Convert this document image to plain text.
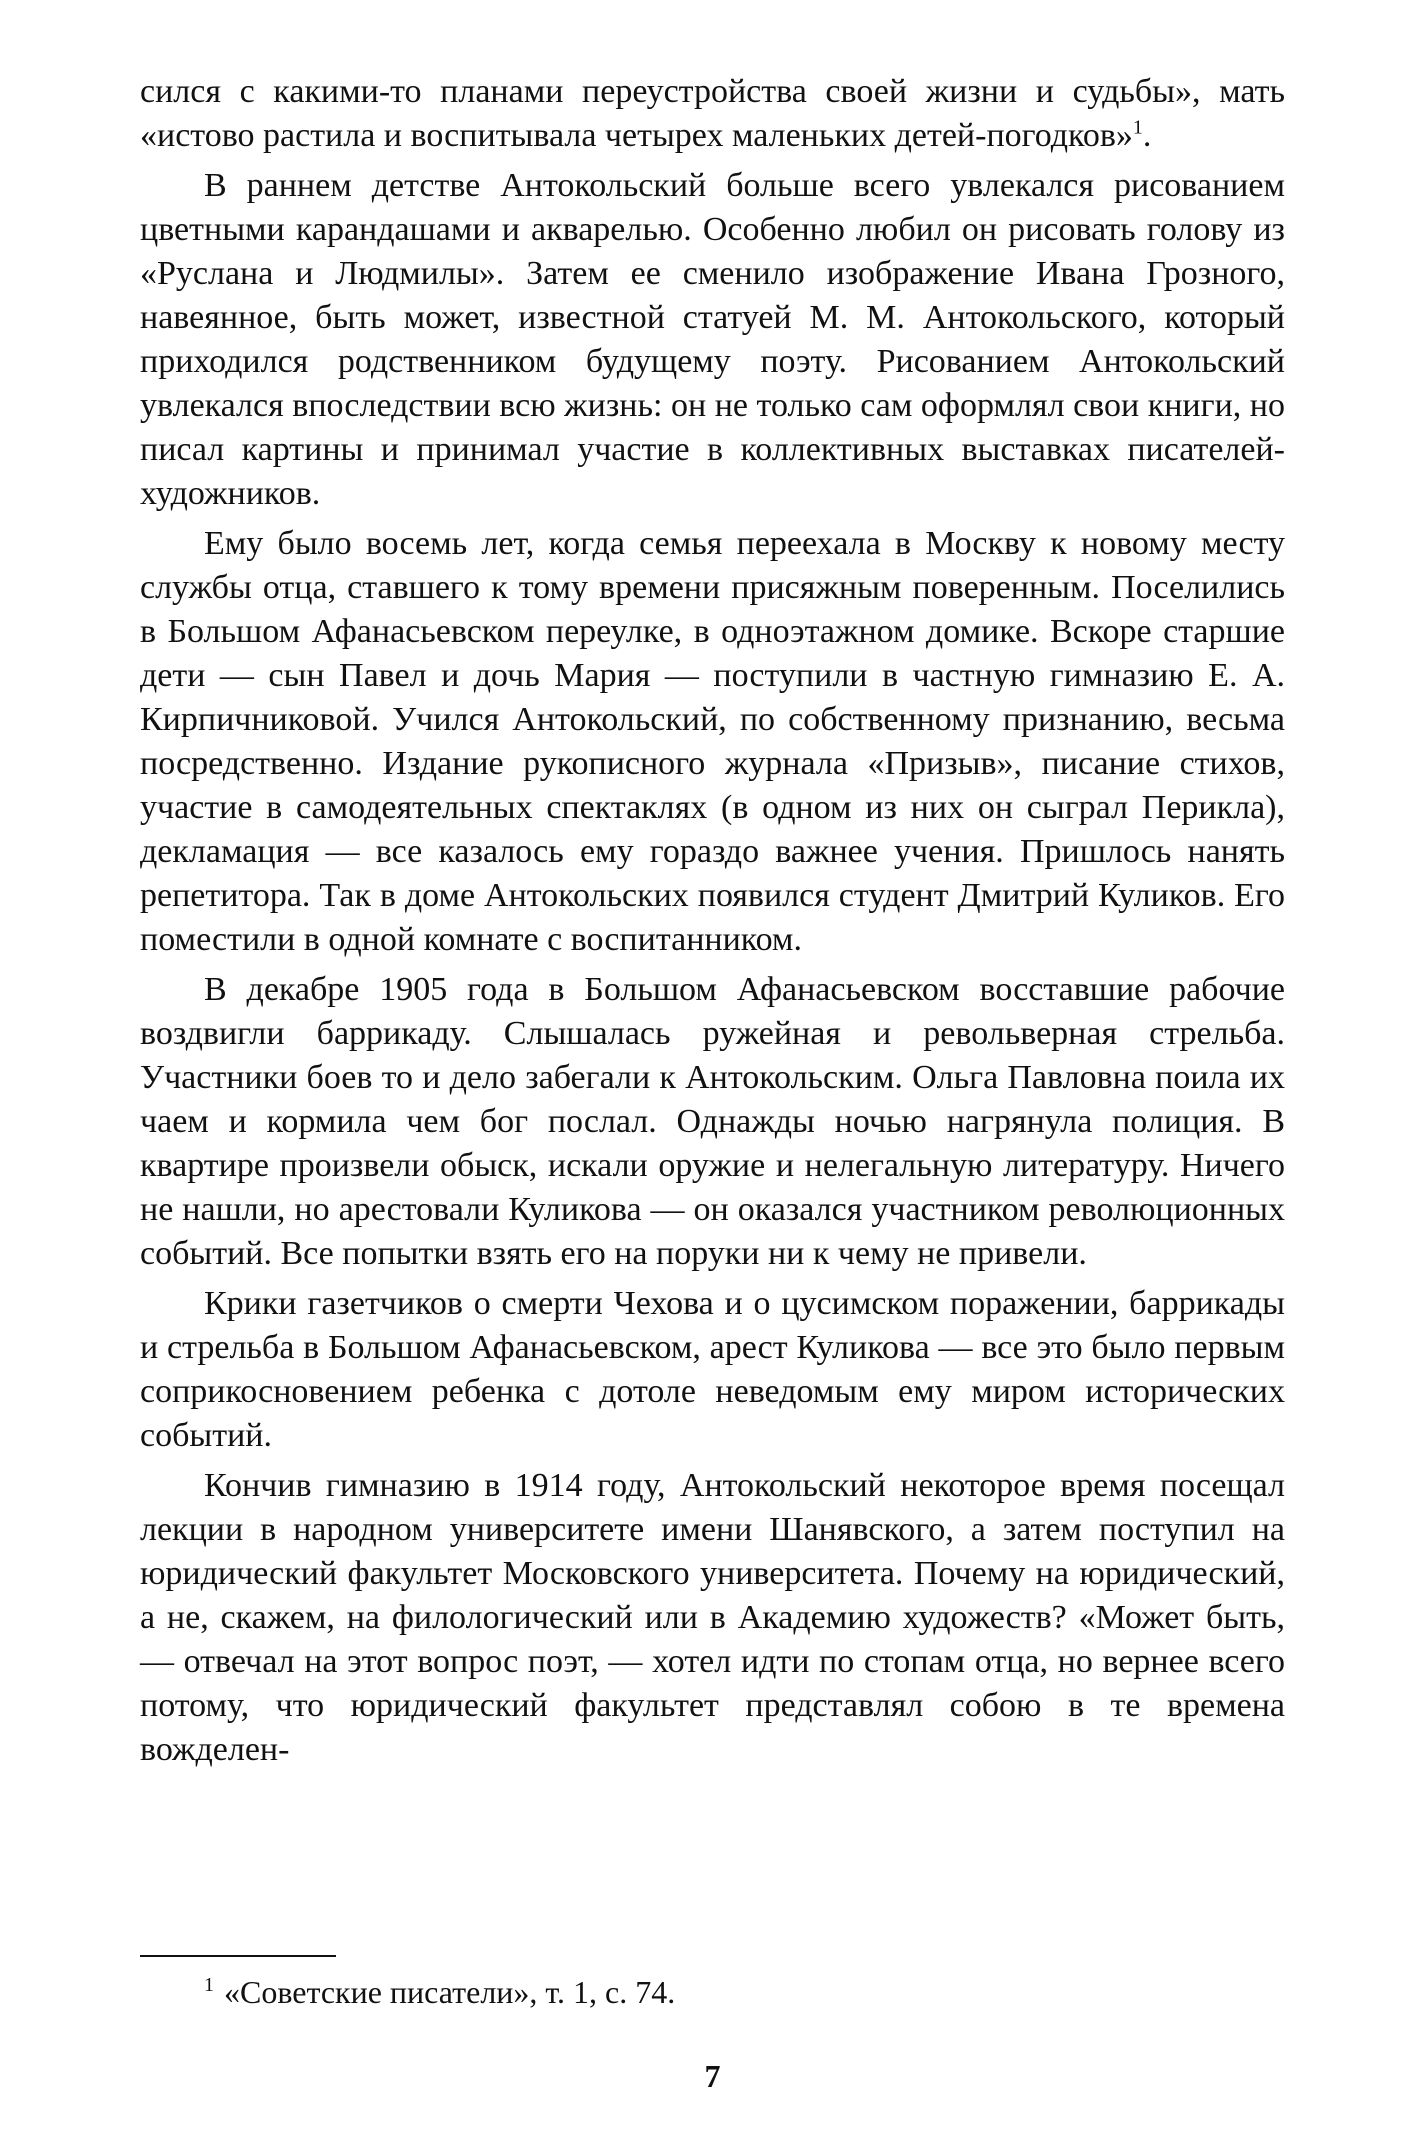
сился с какими-то планами переустройства своей жизни и судьбы», мать «истово растила и воспитывала четырех маленьких детей-погодков»$^1$.

В раннем детстве Антокольский больше всего увлекался рисованием цветными карандашами и акварелью. Особенно любил он рисовать голову из «Руслана и Людмилы». Затем ее сменило изображение Ивана Грозного, навеянное, быть может, известной статуей М. М. Антокольского, который приходился родственником будущему поэту. Рисованием Антокольский увлекался впоследствии всю жизнь: он не только сам оформлял свои книги, но писал картины и принимал участие в коллективных выставках писателей-художников.

Ему было восемь лет, когда семья переехала в Москву к новому месту службы отца, ставшего к тому времени присяжным поверенным. Поселились в Большом Афанасьевском переулке, в одноэтажном домике. Вскоре старшие дети — сын Павел и дочь Мария — поступили в частную гимназию Е. А. Кирпичниковой. Учился Антокольский, по собственному признанию, весьма посредственно. Издание рукописного журнала «Призыв», писание стихов, участие в самодеятельных спектаклях (в одном из них он сыграл Перикла), декламация — все казалось ему гораздо важнее учения. Пришлось нанять репетитора. Так в доме Антокольских появился студент Дмитрий Куликов. Его поместили в одной комнате с воспитанником.

В декабре 1905 года в Большом Афанасьевском восставшие рабочие воздвигли баррикаду. Слышалась ружейная и револьверная стрельба. Участники боев то и дело забегали к Антокольским. Ольга Павловна поила их чаем и кормила чем бог послал. Однажды ночью нагрянула полиция. В квартире произвели обыск, искали оружие и нелегальную литературу. Ничего не нашли, но арестовали Куликова — он оказался участником революционных событий. Все попытки взять его на поруки ни к чему не привели.

Крики газетчиков о смерти Чехова и о цусимском поражении, баррикады и стрельба в Большом Афанасьевском, арест Куликова — все это было первым соприкосновением ребенка с дотоле неведомым ему миром исторических событий.

Кончив гимназию в 1914 году, Антокольский некоторое время посещал лекции в народном университете имени Шанявского, а затем поступил на юридический факультет Московского университета. Почему на юридический, а не, скажем, на филологический или в Академию художеств? «Может быть, — отвечал на этот вопрос поэт, — хотел идти по стопам отца, но вернее всего потому, что юридический факультет представлял собою в те времена вожделен-

$^1$ «Советские писатели», т. 1, с. 74.
7
